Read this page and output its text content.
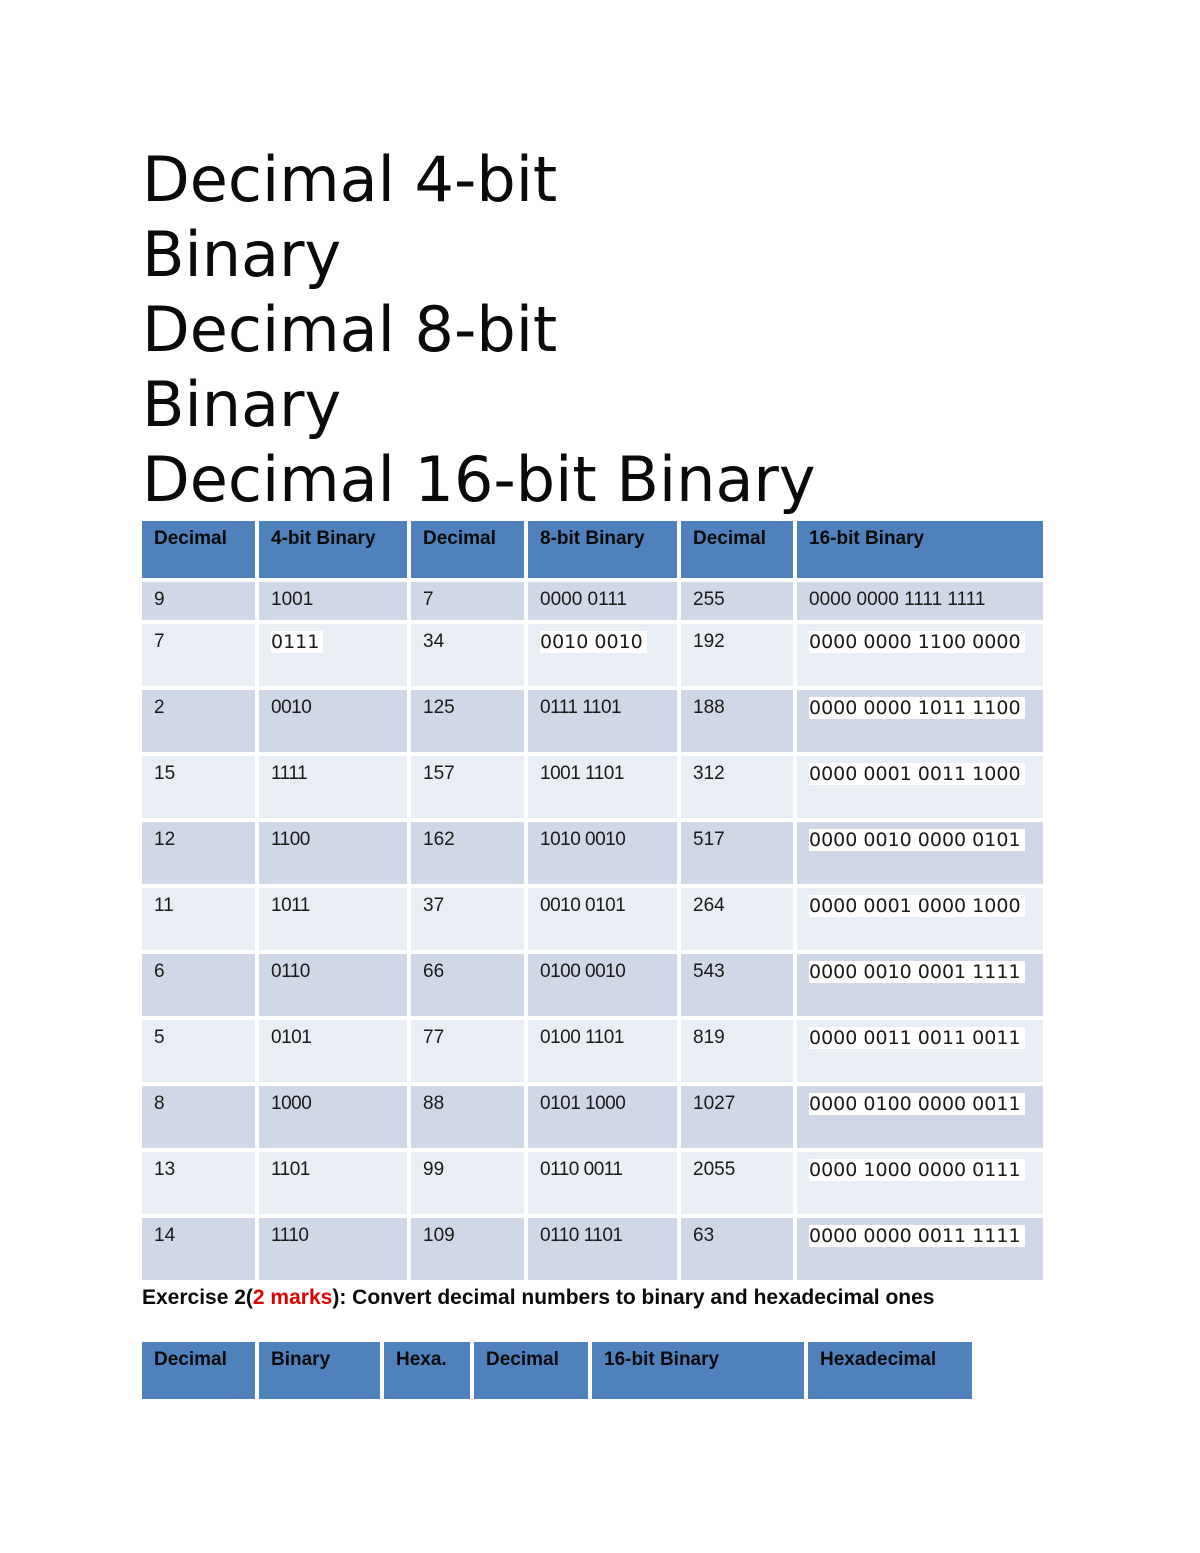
Decimal 4-bit
Binary
Decimal 8-bit
Binary
Decimal 16-bit Binary
Decimal	4-bit Binary	Decimal	8-bit Binary	Decimal	16-bit Binary
9	1001	7	0000 0111	255	0000 0000 1111 1111
7	0111	34	0010 0010	192	0000 0000 1100 0000
2	0010	125	0111 1101	188	0000 0000 1011 1100
15	1111	157	1001 1101	312	0000 0001 0011 1000
12	1100	162	1010 0010	517	0000 0010 0000 0101
11	1011	37	0010 0101	264	0000 0001 0000 1000
6	0110	66	0100 0010	543	0000 0010 0001 1111
5	0101	77	0100 1101	819	0000 0011 0011 0011
8	1000	88	0101 1000	1027	0000 0100 0000 0011
13	1101	99	0110 0011	2055	0000 1000 0000 0111
14	1110	109	0110 1101	63	0000 0000 0011 1111

Exercise 2(2 marks): Convert decimal numbers to binary and hexadecimal ones

Decimal	Binary	Hexa.	Decimal	16-bit Binary	Hexadecimal
